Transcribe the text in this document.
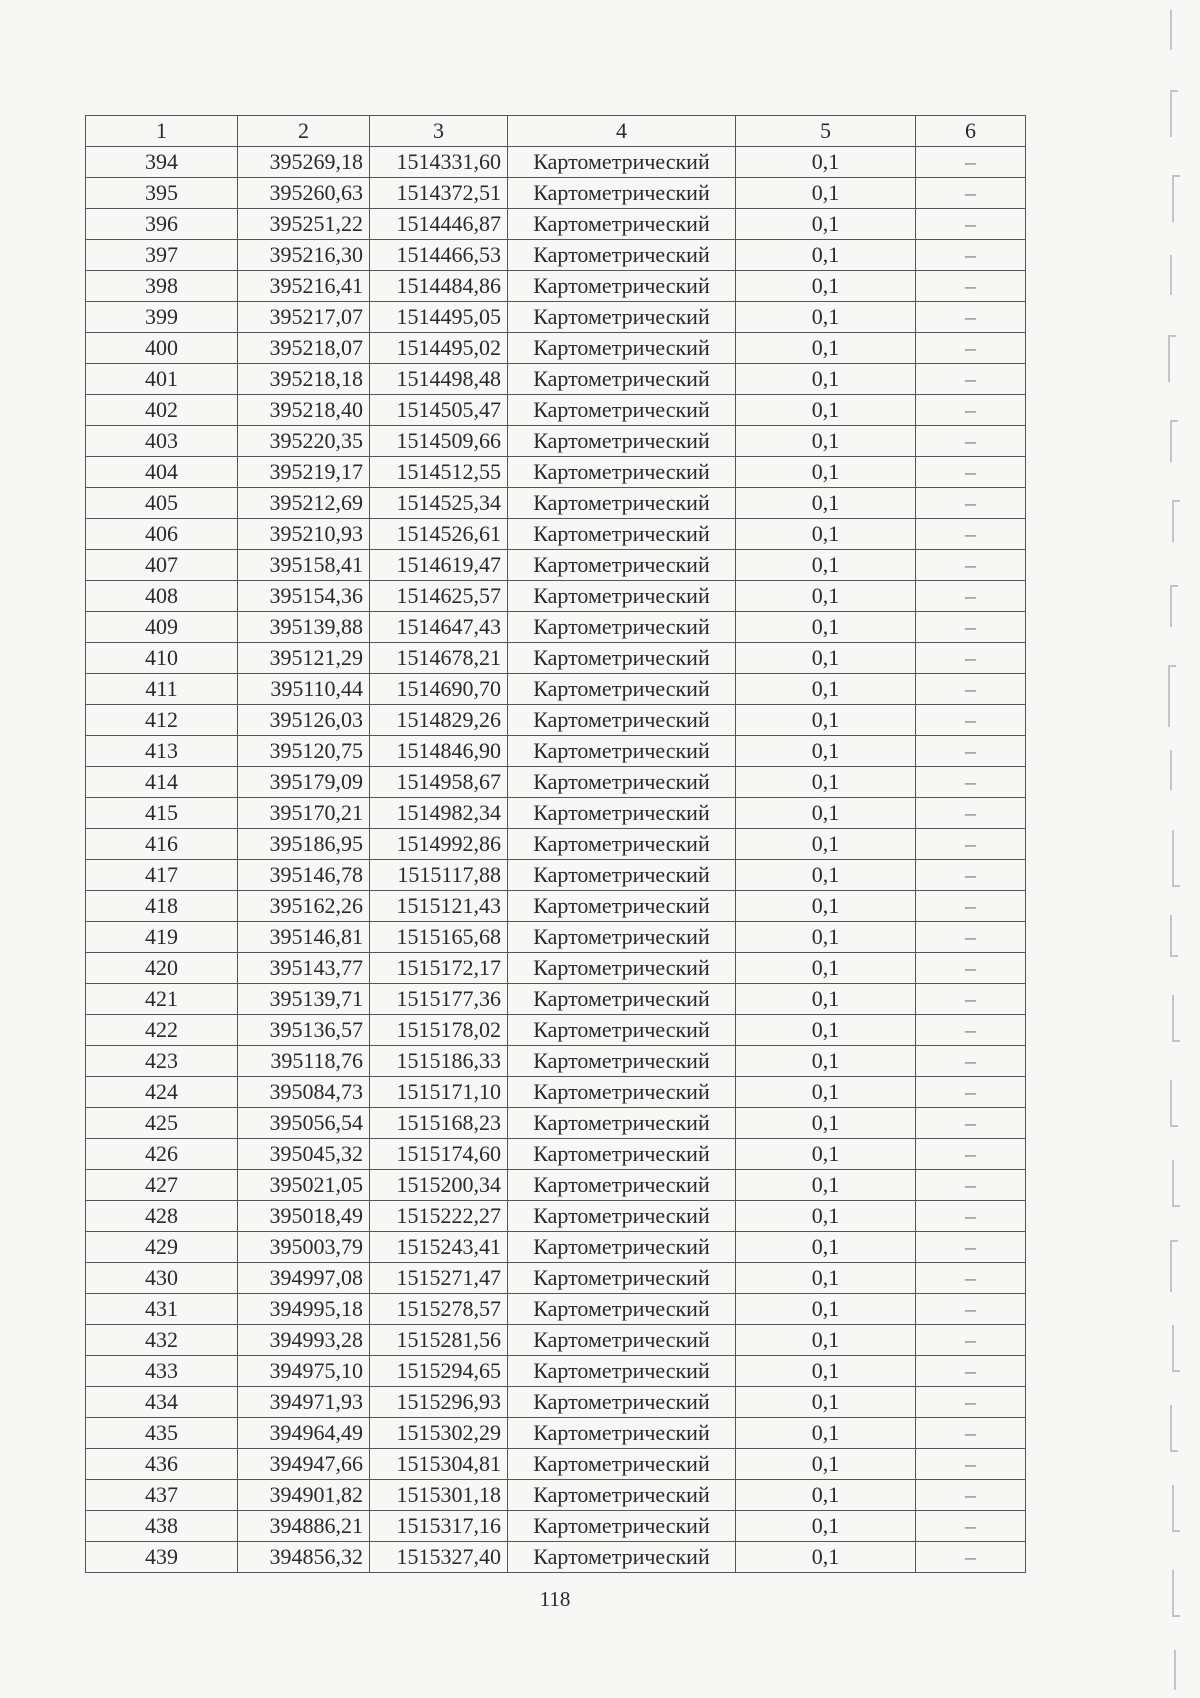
1	2	3	4	5	6
394	395269,18	1514331,60	Картометрический	0,1	–
395	395260,63	1514372,51	Картометрический	0,1	–
396	395251,22	1514446,87	Картометрический	0,1	–
397	395216,30	1514466,53	Картометрический	0,1	–
398	395216,41	1514484,86	Картометрический	0,1	–
399	395217,07	1514495,05	Картометрический	0,1	–
400	395218,07	1514495,02	Картометрический	0,1	–
401	395218,18	1514498,48	Картометрический	0,1	–
402	395218,40	1514505,47	Картометрический	0,1	–
403	395220,35	1514509,66	Картометрический	0,1	–
404	395219,17	1514512,55	Картометрический	0,1	–
405	395212,69	1514525,34	Картометрический	0,1	–
406	395210,93	1514526,61	Картометрический	0,1	–
407	395158,41	1514619,47	Картометрический	0,1	–
408	395154,36	1514625,57	Картометрический	0,1	–
409	395139,88	1514647,43	Картометрический	0,1	–
410	395121,29	1514678,21	Картометрический	0,1	–
411	395110,44	1514690,70	Картометрический	0,1	–
412	395126,03	1514829,26	Картометрический	0,1	–
413	395120,75	1514846,90	Картометрический	0,1	–
414	395179,09	1514958,67	Картометрический	0,1	–
415	395170,21	1514982,34	Картометрический	0,1	–
416	395186,95	1514992,86	Картометрический	0,1	–
417	395146,78	1515117,88	Картометрический	0,1	–
418	395162,26	1515121,43	Картометрический	0,1	–
419	395146,81	1515165,68	Картометрический	0,1	–
420	395143,77	1515172,17	Картометрический	0,1	–
421	395139,71	1515177,36	Картометрический	0,1	–
422	395136,57	1515178,02	Картометрический	0,1	–
423	395118,76	1515186,33	Картометрический	0,1	–
424	395084,73	1515171,10	Картометрический	0,1	–
425	395056,54	1515168,23	Картометрический	0,1	–
426	395045,32	1515174,60	Картометрический	0,1	–
427	395021,05	1515200,34	Картометрический	0,1	–
428	395018,49	1515222,27	Картометрический	0,1	–
429	395003,79	1515243,41	Картометрический	0,1	–
430	394997,08	1515271,47	Картометрический	0,1	–
431	394995,18	1515278,57	Картометрический	0,1	–
432	394993,28	1515281,56	Картометрический	0,1	–
433	394975,10	1515294,65	Картометрический	0,1	–
434	394971,93	1515296,93	Картометрический	0,1	–
435	394964,49	1515302,29	Картометрический	0,1	–
436	394947,66	1515304,81	Картометрический	0,1	–
437	394901,82	1515301,18	Картометрический	0,1	–
438	394886,21	1515317,16	Картометрический	0,1	–
439	394856,32	1515327,40	Картометрический	0,1	–
118
